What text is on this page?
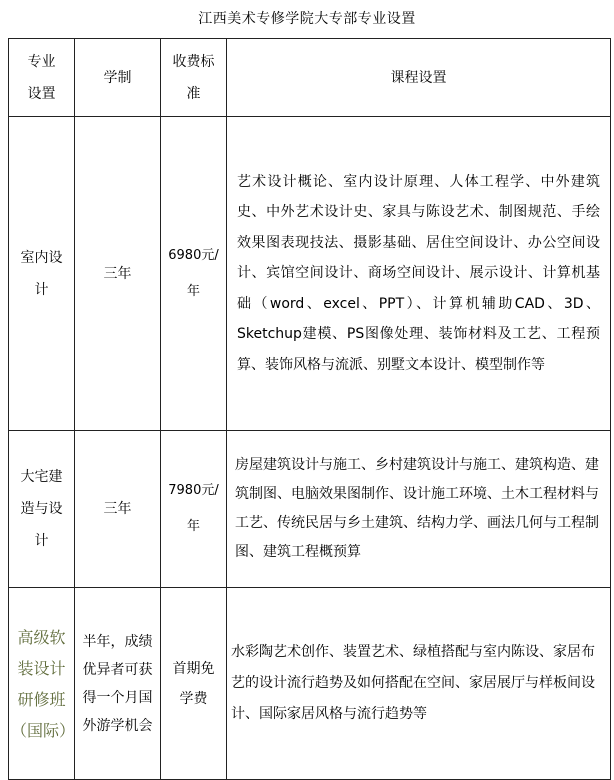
江西美术专修学院大专部专业设置
专业设置	学制	收费标准	课程设置
室内设计	三年	6980元/年	艺术设计概论、室内设计原理、人体工程学、中外建筑史、中外艺术设计史、家具与陈设艺术、制图规范、手绘效果图表现技法、摄影基础、居住空间设计、办公空间设计、宾馆空间设计、商场空间设计、展示设计、计算机基础（word、excel、PPT）、计算机辅助CAD、3D、Sketchup建模、PS图像处理、装饰材料及工艺、工程预算、装饰风格与流派、别墅文本设计、模型制作等
大宅建造与设计	三年	7980元/年	房屋建筑设计与施工、乡村建筑设计与施工、建筑构造、建筑制图、电脑效果图制作、设计施工环境、土木工程材料与工艺、传统民居与乡土建筑、结构力学、画法几何与工程制图、建筑工程概预算
高级软装设计研修班（国际）	半年，成绩优异者可获得一个月国外游学机会	首期免学费	水彩陶艺术创作、装置艺术、绿植搭配与室内陈设、家居布艺的设计流行趋势及如何搭配在空间、家居展厅与样板间设计、国际家居风格与流行趋势等
